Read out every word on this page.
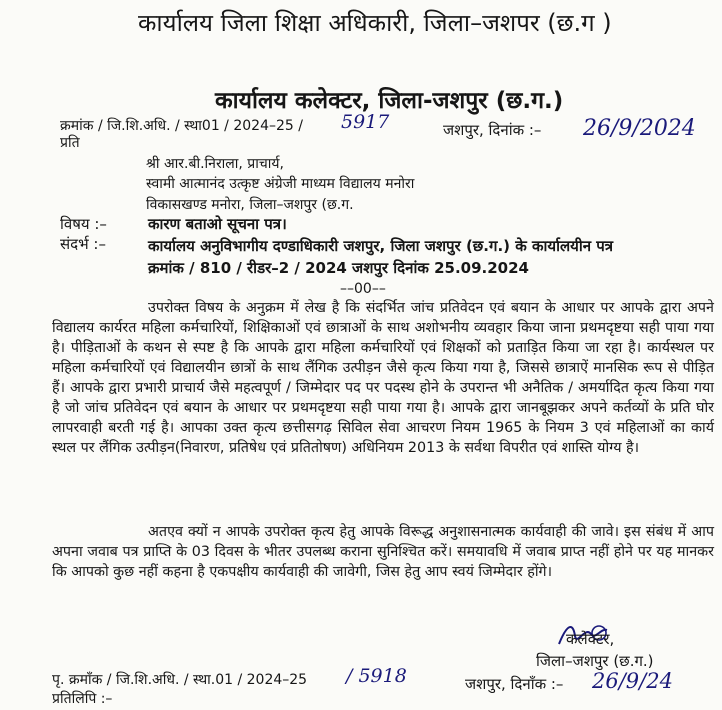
कार्यालय जिला शिक्षा अधिकारी, जिला–जशपर (छ.ग )
कार्यालय कलेक्टर, जिला-जशपुर (छ.ग.)
क्रमांक / जि.शि.अधि. / स्था01 / 2024–25 / 5917
प्रति
जशपुर, दिनांक :– 26/9/2024
श्री आर.बी.निराला, प्राचार्य,
स्वामी आत्मानंद उत्कृष्ट अंग्रेजी माध्यम विद्यालय मनोरा
विकासखण्ड मनोरा, जिला–जशपुर (छ.ग.
विषय :–	कारण बताओ सूचना पत्र।
संदर्भ :–	कार्यालय अनुविभागीय दण्डाधिकारी जशपुर, जिला जशपुर (छ.ग.) के कार्यालयीन पत्र
क्रमांक / 810 / रीडर–2 / 2024 जशपुर दिनांक 25.09.2024
––00––
उपरोक्त विषय के अनुक्रम में लेख है कि संदर्भित जांच प्रतिवेदन एवं बयान के आधार पर आपके द्वारा अपने विद्यालय कार्यरत महिला कर्मचारियों, शिक्षिकाओं एवं छात्राओं के साथ अशोभनीय व्यवहार किया जाना प्रथमदृष्टया सही पाया गया है। पीड़िताओं के कथन से स्पष्ट है कि आपके द्वारा महिला कर्मचारियों एवं शिक्षकों को प्रताड़ित किया जा रहा है। कार्यस्थल पर महिला कर्मचारियों एवं विद्यालयीन छात्रों के साथ लैंगिक उत्पीड़न जैसे कृत्य किया गया है, जिससे छात्राऐं मानसिक रूप से पीड़ित हैं। आपके द्वारा प्रभारी प्राचार्य जैसे महत्वपूर्ण / जिम्मेदार पद पर पदस्थ होने के उपरान्त भी अनैतिक / अमर्यादित कृत्य किया गया है जो जांच प्रतिवेदन एवं बयान के आधार पर प्रथमदृष्टया सही पाया गया है। आपके द्वारा जानबूझकर अपने कर्तव्यों के प्रति घोर लापरवाही बरती गई है। आपका उक्त कृत्य छत्तीसगढ़ सिविल सेवा आचरण नियम 1965 के नियम 3 एवं महिलाओं का कार्य स्थल पर लैंगिक उत्पीड़न(निवारण, प्रतिषेध एवं प्रतितोषण) अधिनियम 2013 के सर्वथा विपरीत एवं शास्ति योग्य है।
अतएव क्यों न आपके उपरोक्त कृत्य हेतु आपके विरूद्ध अनुशासनात्मक कार्यवाही की जावे। इस संबंध में आप अपना जवाब पत्र प्राप्ति के 03 दिवस के भीतर उपलब्ध कराना सुनिश्चित करें। समयावधि में जवाब प्राप्त नहीं होने पर यह मानकर कि आपको कुछ नहीं कहना है एकपक्षीय कार्यवाही की जावेगी, जिस हेतु आप स्वयं जिम्मेदार होंगे।
कलेक्टर,
जिला–जशपुर (छ.ग.)
पृ. क्रमाँक / जि.शि.अधि. / स्था.01 / 2024–25 / 5918	जशपुर, दिनाँक :– 26/9/24
प्रतिलिपि :–
